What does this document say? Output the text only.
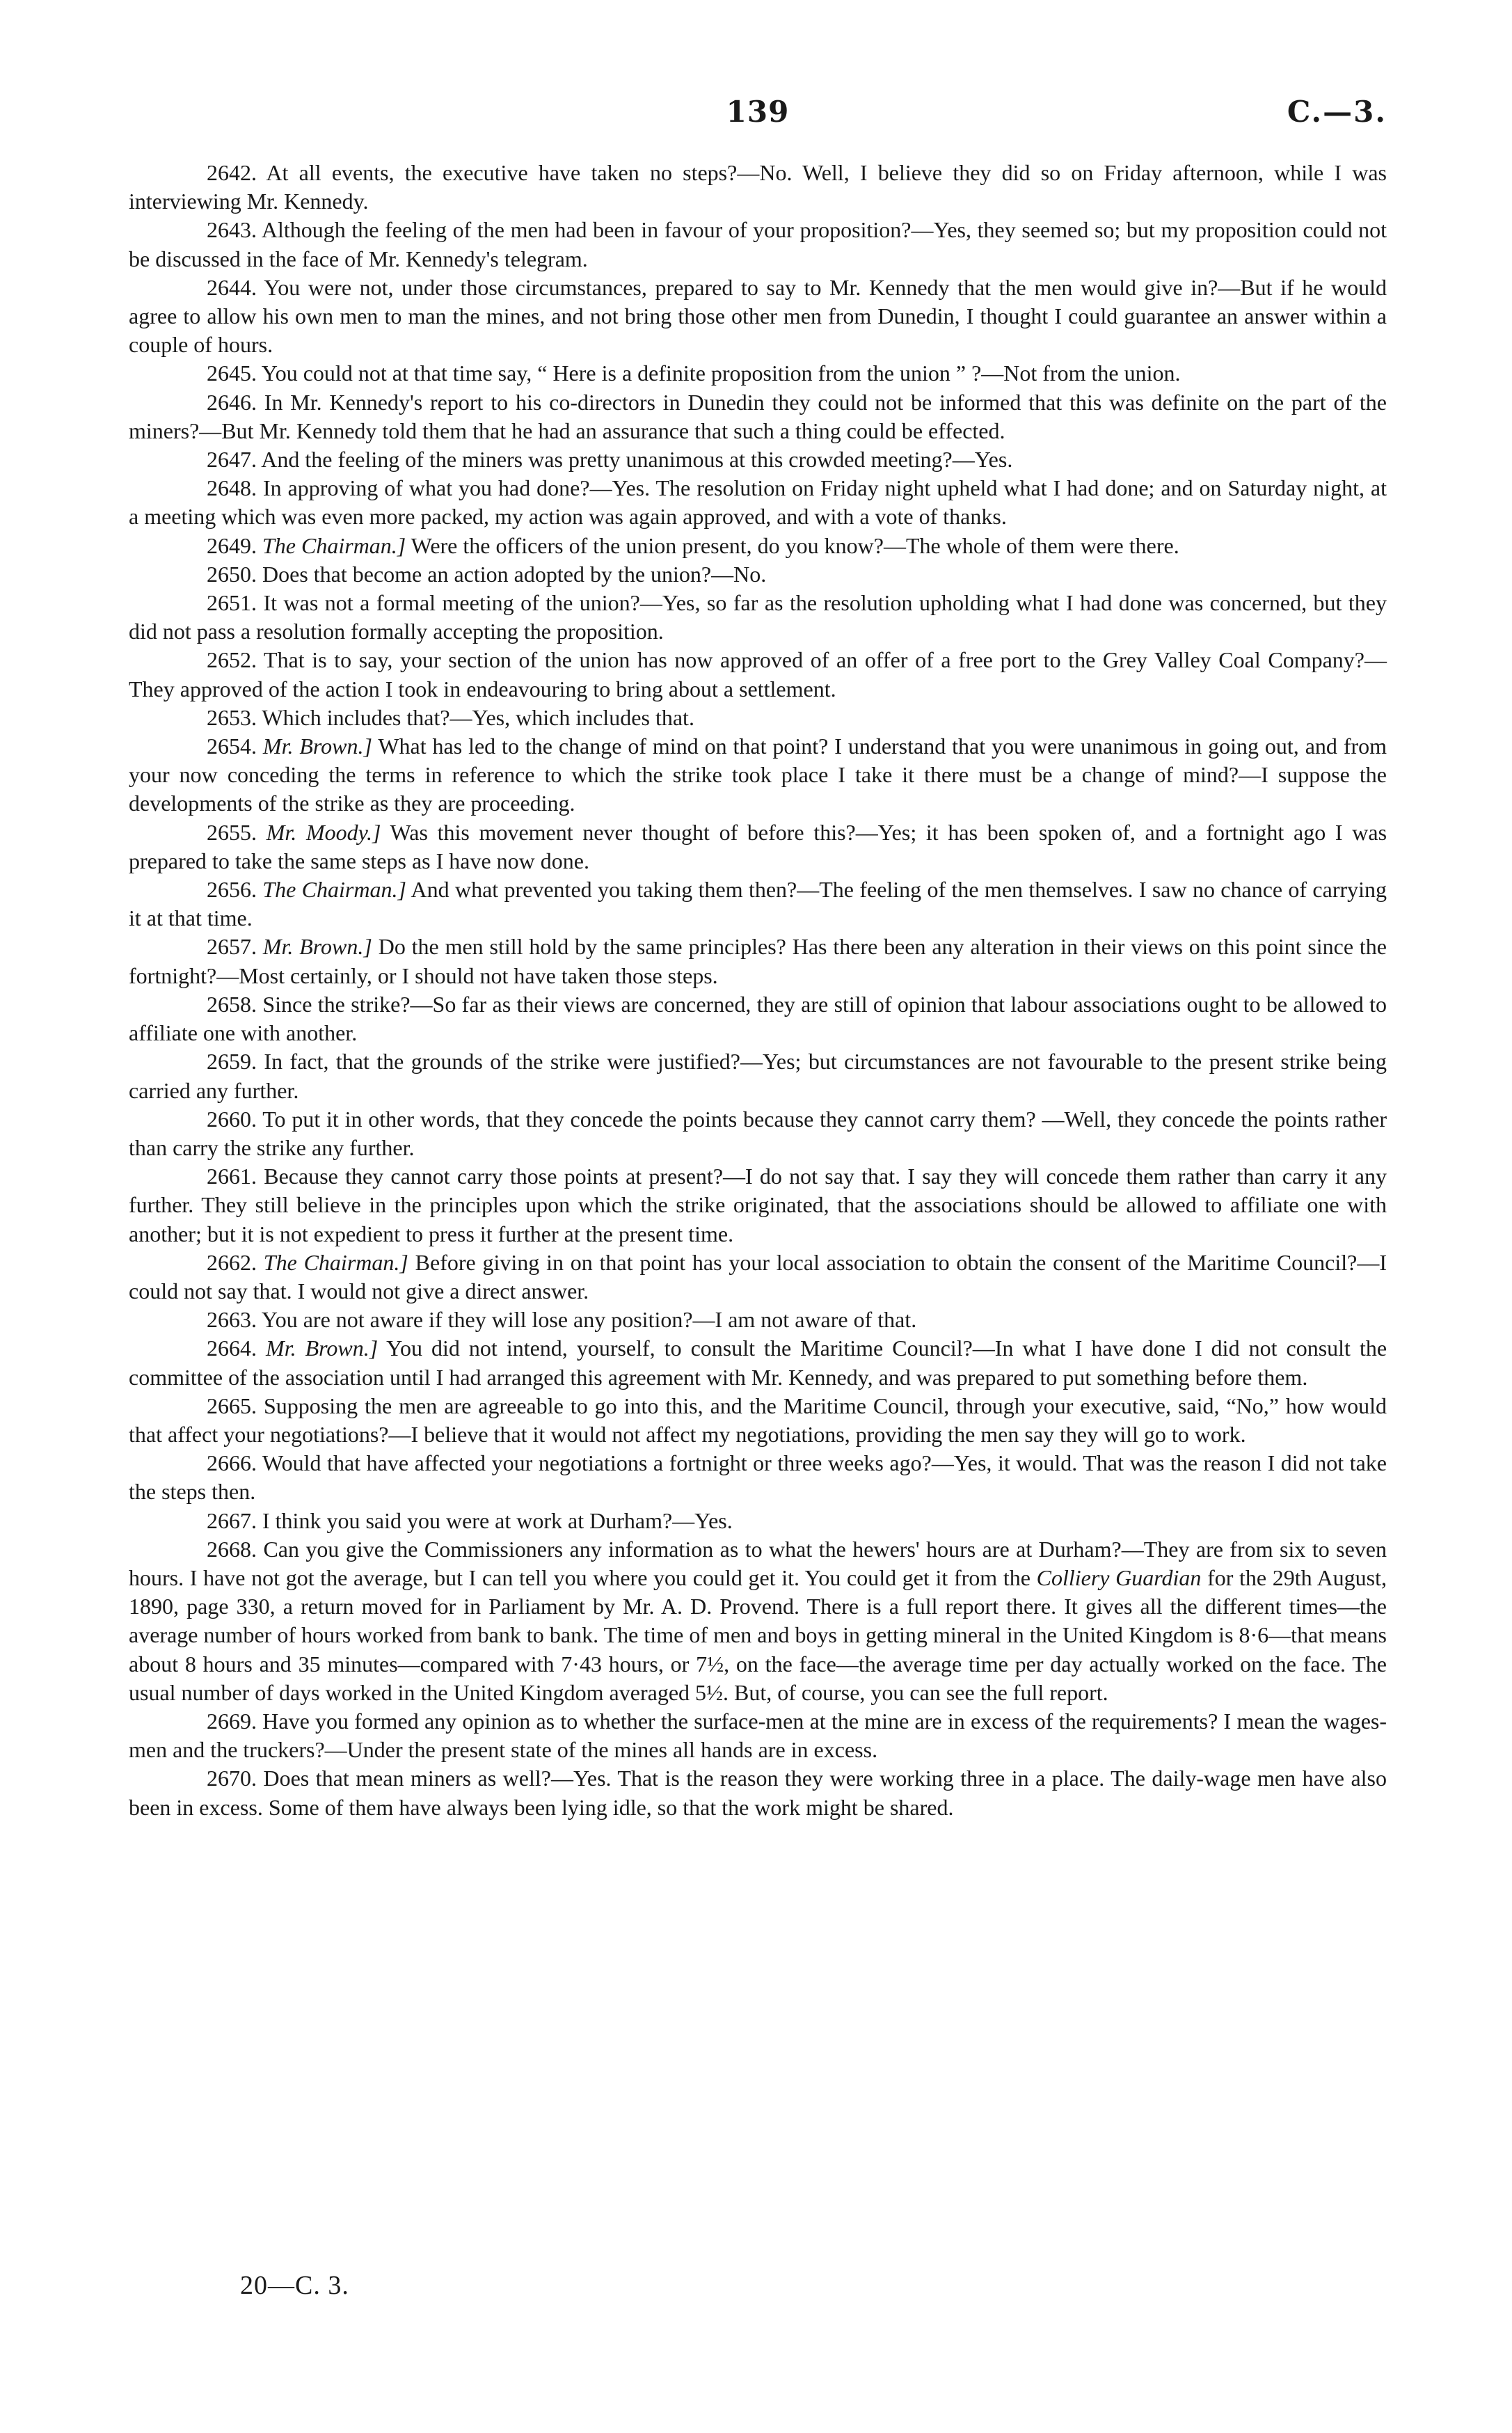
139	C.—3.

2642. At all events, the executive have taken no steps?—No. Well, I believe they did so on Friday afternoon, while I was interviewing Mr. Kennedy.

2643. Although the feeling of the men had been in favour of your proposition?—Yes, they seemed so; but my proposition could not be discussed in the face of Mr. Kennedy's telegram.

2644. You were not, under those circumstances, prepared to say to Mr. Kennedy that the men would give in?—But if he would agree to allow his own men to man the mines, and not bring those other men from Dunedin, I thought I could guarantee an answer within a couple of hours.

2645. You could not at that time say, “ Here is a definite proposition from the union ” ?—Not from the union.

2646. In Mr. Kennedy's report to his co-directors in Dunedin they could not be informed that this was definite on the part of the miners?—But Mr. Kennedy told them that he had an assurance that such a thing could be effected.

2647. And the feeling of the miners was pretty unanimous at this crowded meeting?—Yes.

2648. In approving of what you had done?—Yes. The resolution on Friday night upheld what I had done; and on Saturday night, at a meeting which was even more packed, my action was again approved, and with a vote of thanks.

2649. The Chairman.] Were the officers of the union present, do you know?—The whole of them were there.

2650. Does that become an action adopted by the union?—No.

2651. It was not a formal meeting of the union?—Yes, so far as the resolution upholding what I had done was concerned, but they did not pass a resolution formally accepting the proposition.

2652. That is to say, your section of the union has now approved of an offer of a free port to the Grey Valley Coal Company?—They approved of the action I took in endeavouring to bring about a settlement.

2653. Which includes that?—Yes, which includes that.

2654. Mr. Brown.] What has led to the change of mind on that point? I understand that you were unanimous in going out, and from your now conceding the terms in reference to which the strike took place I take it there must be a change of mind?—I suppose the developments of the strike as they are proceeding.

2655. Mr. Moody.] Was this movement never thought of before this?—Yes; it has been spoken of, and a fortnight ago I was prepared to take the same steps as I have now done.

2656. The Chairman.] And what prevented you taking them then?—The feeling of the men themselves. I saw no chance of carrying it at that time.

2657. Mr. Brown.] Do the men still hold by the same principles? Has there been any alteration in their views on this point since the fortnight?—Most certainly, or I should not have taken those steps.

2658. Since the strike?—So far as their views are concerned, they are still of opinion that labour associations ought to be allowed to affiliate one with another.

2659. In fact, that the grounds of the strike were justified?—Yes; but circumstances are not favourable to the present strike being carried any further.

2660. To put it in other words, that they concede the points because they cannot carry them? —Well, they concede the points rather than carry the strike any further.

2661. Because they cannot carry those points at present?—I do not say that. I say they will concede them rather than carry it any further. They still believe in the principles upon which the strike originated, that the associations should be allowed to affiliate one with another; but it is not expedient to press it further at the present time.

2662. The Chairman.] Before giving in on that point has your local association to obtain the consent of the Maritime Council?—I could not say that. I would not give a direct answer.

2663. You are not aware if they will lose any position?—I am not aware of that.

2664. Mr. Brown.] You did not intend, yourself, to consult the Maritime Council?—In what I have done I did not consult the committee of the association until I had arranged this agreement with Mr. Kennedy, and was prepared to put something before them.

2665. Supposing the men are agreeable to go into this, and the Maritime Council, through your executive, said, “No,” how would that affect your negotiations?—I believe that it would not affect my negotiations, providing the men say they will go to work.

2666. Would that have affected your negotiations a fortnight or three weeks ago?—Yes, it would. That was the reason I did not take the steps then.

2667. I think you said you were at work at Durham?—Yes.

2668. Can you give the Commissioners any information as to what the hewers' hours are at Durham?—They are from six to seven hours. I have not got the average, but I can tell you where you could get it. You could get it from the Colliery Guardian for the 29th August, 1890, page 330, a return moved for in Parliament by Mr. A. D. Provend. There is a full report there. It gives all the different times—the average number of hours worked from bank to bank. The time of men and boys in getting mineral in the United Kingdom is 8·6—that means about 8 hours and 35 minutes—compared with 7·43 hours, or 7½, on the face—the average time per day actually worked on the face. The usual number of days worked in the United Kingdom averaged 5½. But, of course, you can see the full report.

2669. Have you formed any opinion as to whether the surface-men at the mine are in excess of the requirements? I mean the wages-men and the truckers?—Under the present state of the mines all hands are in excess.

2670. Does that mean miners as well?—Yes. That is the reason they were working three in a place. The daily-wage men have also been in excess. Some of them have always been lying idle, so that the work might be shared.

20—C. 3.
